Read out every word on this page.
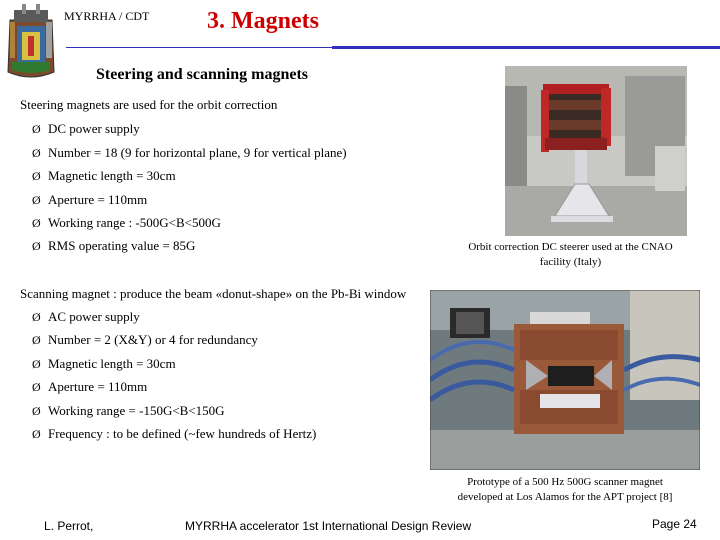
MYRRHA / CDT 3. Magnets
Steering and scanning magnets
Steering magnets are used for the orbit correction
Ø DC power supply
Ø Number = 18 (9 for horizontal plane, 9 for vertical plane)
Ø Magnetic length = 30cm
Ø Aperture = 110mm
Ø Working range : -500G<B<500G
Ø RMS operating value = 85G	Orbit correction DC steerer used at the CNAO
facility (Italy)
Scanning magnet : produce the beam «donut-shape» on the Pb-Bi window
Ø AC power supply
Ø Number = 2 (X&Y) or 4 for redundancy
Ø Magnetic length = 30cm
Ø Aperture = 110mm
Ø Working range = -150G<B<150G
Ø Frequency : to be defined (~few hundreds of Hertz)
Prototype of a 500 Hz 500G scanner magnet
developed at Los Alamos for the APT project [8]
L. Perrot,	MYRRHA accelerator 1st International Design Review	Page 24
